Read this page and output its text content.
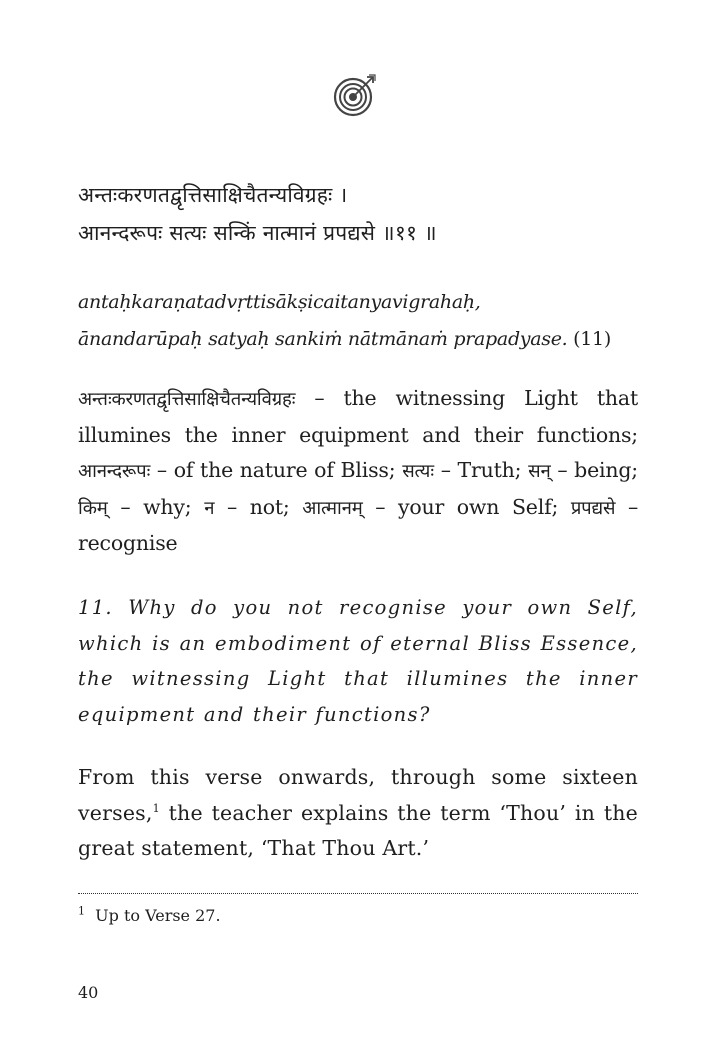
अन्तःकरणतद्वृत्तिसाक्षिचैतन्यविग्रहः ।
आनन्दरूपः सत्यः सन्किं नात्मानं प्रपद्यसे ॥११ ॥
antaḥkaraṇatadvṛttisākṣicaitanyavigrahaḥ,
ānandarūpaḥ satyaḥ sankiṁ nātmānaṁ prapadyase. (11)
अन्तःकरणतद्वृत्तिसाक्षिचैतन्यविग्रहः – the witnessing Light that illumines the inner equipment and their functions; आनन्दरूपः – of the nature of Bliss; सत्यः – Truth; सन् – being; किम् – why; न – not; आत्मानम् – your own Self; प्रपद्यसे – recognise
11. Why do you not recognise your own Self, which is an embodiment of eternal Bliss Essence, the witnessing Light that illumines the inner equipment and their functions?
From this verse onwards, through some sixteen verses,$^1$ the teacher explains the term ‘Thou’ in the great statement, ‘That Thou Art.’
$^1$ Up to Verse 27.
40
